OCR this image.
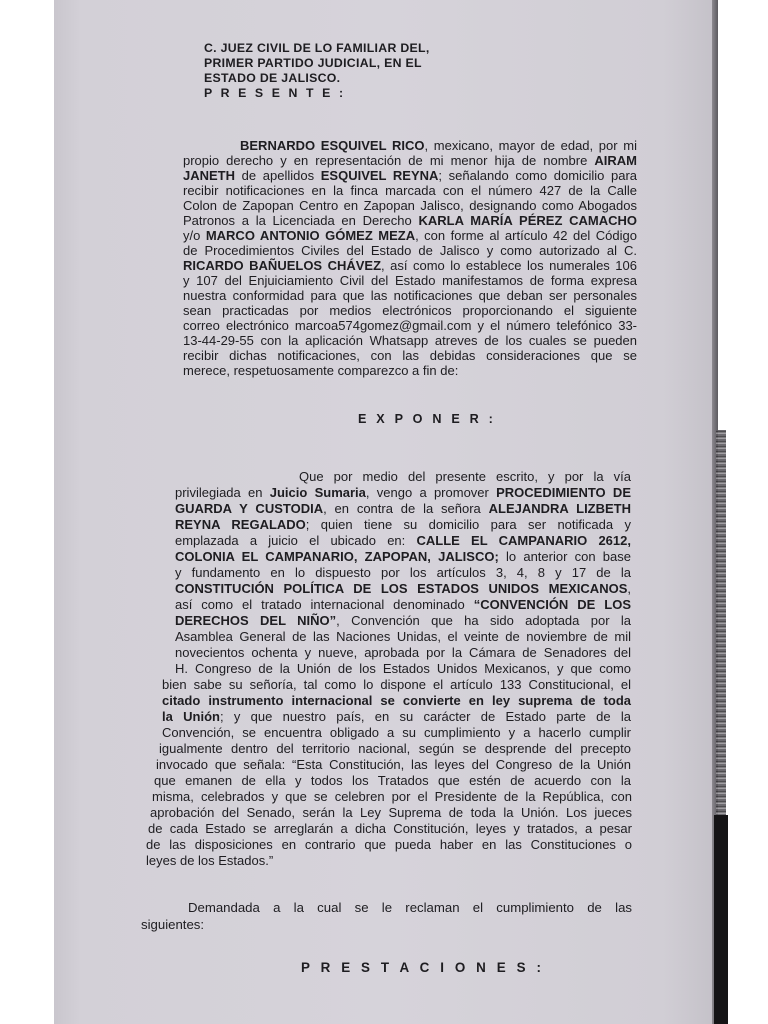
C. JUEZ CIVIL DE LO FAMILIAR DEL,
PRIMER PARTIDO JUDICIAL, EN EL
ESTADO DE JALISCO.
P R E S E N T E :
BERNARDO ESQUIVEL RICO, mexicano, mayor de edad, por mi
propio derecho y en representación de mi menor hija de nombre AIRAM
JANETH de apellidos ESQUIVEL REYNA; señalando como domicilio para
recibir notificaciones en la finca marcada con el número 427 de la Calle
Colon de Zapopan Centro en Zapopan Jalisco, designando como Abogados
Patronos a la Licenciada en Derecho KARLA MARÍA PÉREZ CAMACHO
y/o MARCO ANTONIO GÓMEZ MEZA, con forme al artículo 42 del Código
de Procedimientos Civiles del Estado de Jalisco y como autorizado al C.
RICARDO BAÑUELOS CHÁVEZ, así como lo establece los numerales 106
y 107 del Enjuiciamiento Civil del Estado manifestamos de forma expresa
nuestra conformidad para que las notificaciones que deban ser personales
sean practicadas por medios electrónicos proporcionando el siguiente
correo electrónico marcoa574gomez@gmail.com y el número telefónico 33-
13-44-29-55 con la aplicación Whatsapp atreves de los cuales se pueden
recibir dichas notificaciones, con las debidas consideraciones que se
merece, respetuosamente comparezco a fin de:
E X P O N E R :
Que por medio del presente escrito, y por la vía
privilegiada en Juicio Sumaria, vengo a promover PROCEDIMIENTO DE
GUARDA Y CUSTODIA, en contra de la señora ALEJANDRA LIZBETH
REYNA REGALADO; quien tiene su domicilio para ser notificada y
emplazada a juicio el ubicado en: CALLE EL CAMPANARIO 2612,
COLONIA EL CAMPANARIO, ZAPOPAN, JALISCO; lo anterior con base
y fundamento en lo dispuesto por los artículos 3, 4, 8 y 17 de la
CONSTITUCIÓN POLÍTICA DE LOS ESTADOS UNIDOS MEXICANOS,
así como el tratado internacional denominado “CONVENCIÓN DE LOS
DERECHOS DEL NIÑO”, Convención que ha sido adoptada por la
Asamblea General de las Naciones Unidas, el veinte de noviembre de mil
novecientos ochenta y nueve, aprobada por la Cámara de Senadores del
H. Congreso de la Unión de los Estados Unidos Mexicanos, y que como
bien sabe su señoría, tal como lo dispone el artículo 133 Constitucional, el
citado instrumento internacional se convierte en ley suprema de toda
la Unión; y que nuestro país, en su carácter de Estado parte de la
Convención, se encuentra obligado a su cumplimiento y a hacerlo cumplir
igualmente dentro del territorio nacional, según se desprende del precepto
invocado que señala: “Esta Constitución, las leyes del Congreso de la Unión
que emanen de ella y todos los Tratados que estén de acuerdo con la
misma, celebrados y que se celebren por el Presidente de la República, con
aprobación del Senado, serán la Ley Suprema de toda la Unión. Los jueces
de cada Estado se arreglarán a dicha Constitución, leyes y tratados, a pesar
de las disposiciones en contrario que pueda haber en las Constituciones o
leyes de los Estados.”
Demandada a la cual se le reclaman el cumplimiento de las
siguientes:
P R E S T A C I O N E S :
